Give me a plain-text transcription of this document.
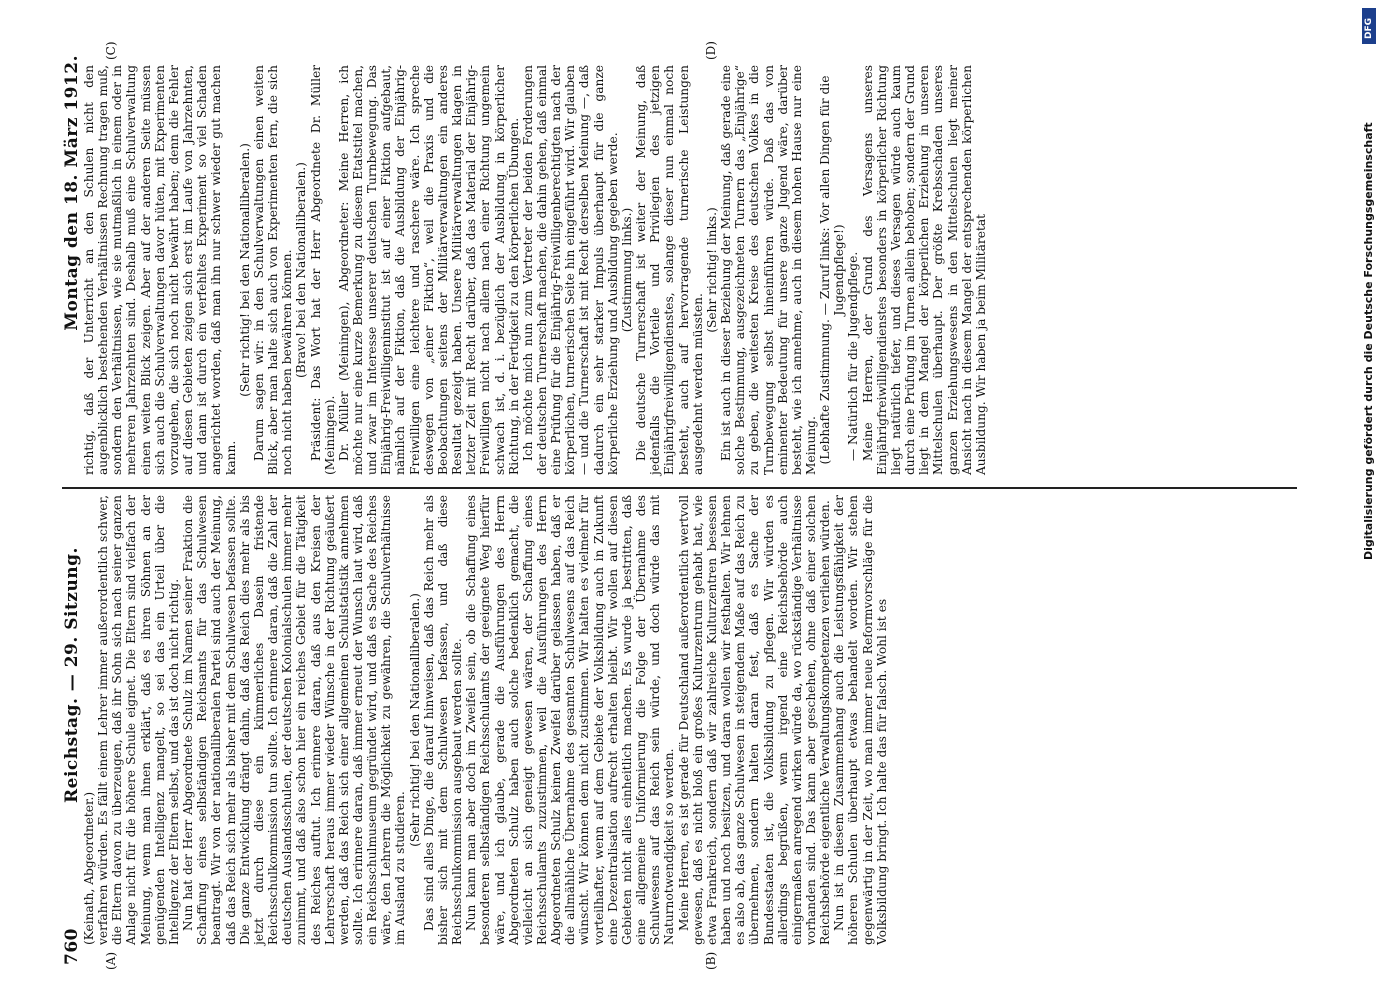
760Reichstag. — 29. Sitzung.Montag den 18. März 1912.
(A)	(B)
(C)	(D)

(Keinath, Abgeordneter.) verfahren würden. Es fällt einem Lehrer immer außerordentlich schwer, die Eltern davon zu überzeugen, daß ihr Sohn sich nach seiner ganzen Anlage nicht für die höhere Schule eignet. Die Eltern sind vielfach der Meinung, wenn man ihnen erklärt, daß es ihren Söhnen an der genügenden Intelligenz mangelt, so sei das ein Urteil über die Intelligenz der Eltern selbst, und das ist doch nicht richtig. Nun hat der Herr Abgeordnete Schulz im Namen seiner Fraktion die Schaffung eines selbständigen Reichsamts für das Schulwesen beantragt. Wir von der nationalliberalen Partei sind auch der Meinung, daß das Reich sich mehr als bisher mit dem Schulwesen befassen sollte. Die ganze Entwicklung drängt dahin, daß das Reich dies mehr als bis jetzt durch diese ein kümmerliches Dasein fristende Reichsschulkommission tun sollte. Ich erinnere daran, daß die Zahl der deutschen Auslandsschulen, der deutschen Kolonialschulen immer mehr zunimmt, und daß also schon hier ein reiches Gebiet für die Tätigkeit des Reiches auftut. Ich erinnere daran, daß aus den Kreisen der Lehrerschaft heraus immer wieder Wünsche in der Richtung geäußert werden, daß das Reich sich einer allgemeinen Schulstatistik annehmen sollte. Ich erinnere daran, daß immer erneut der Wunsch laut wird, daß ein Reichsschulmuseum gegründet wird, und daß es Sache des Reiches wäre, den Lehrern die Möglichkeit zu gewähren, die Schulverhältnisse im Ausland zu studieren.

(Sehr richtig! bei den Nationalliberalen.) Das sind alles Dinge, die darauf hinweisen, daß das Reich mehr als bisher sich mit dem Schulwesen befassen, und daß diese Reichsschulkommission ausgebaut werden sollte. Nun kann man aber doch im Zweifel sein, ob die Schaffung eines besonderen selbständigen Reichsschulamts der geeignete Weg hierfür wäre, und ich glaube, gerade die Ausführungen des Herrn Abgeordneten Schulz haben auch solche bedenklich gemacht, die vielleicht an sich geneigt gewesen wären, der Schaffung eines Reichsschulamts zuzustimmen, weil die Ausführungen des Herrn Abgeordneten Schulz keinen Zweifel darüber gelassen haben, daß er die allmähliche Übernahme des gesamten Schulwesens auf das Reich wünscht. Wir können dem nicht zustimmen. Wir halten es vielmehr für vorteilhafter, wenn auf dem Gebiete der Volksbildung auch in Zukunft eine Dezentralisation aufrecht erhalten bleibt. Wir wollen auf diesen Gebieten nicht alles einheitlich machen. Es wurde ja bestritten, daß eine allgemeine Uniformierung die Folge der Übernahme des Schulwesens auf das Reich sein würde, und doch würde das mit Naturnotwendigkeit so werden. Meine Herren, es ist gerade für Deutschland außerordentlich wertvoll gewesen, daß es nicht bloß ein großes Kulturzentrum gehabt hat, wie etwa Frankreich, sondern daß wir zahlreiche Kulturzentren besessen haben und noch besitzen, und daran wollen wir festhalten. Wir lehnen es also ab, das ganze Schulwesen in steigendem Maße auf das Reich zu übernehmen, sondern halten daran fest, daß es Sache der Bundesstaaten ist, die Volksbildung zu pflegen. Wir würden es allerdings begrüßen, wenn irgend eine Reichsbehörde auch einigermaßen anregend wirken würde da, wo rückständige Verhältnisse vorhanden sind. Das kann aber geschehen, ohne daß einer solchen Reichsbehörde eigentliche Verwaltungskompetenzen verliehen würden. Nun ist in diesem Zusammenhang auch die Leistungsfähigkeit der höheren Schulen überhaupt etwas behandelt worden. Wir stehen gegenwärtig in der Zeit, wo man immer neue Reformvorschläge für die Volksbildung bringt. Ich halte das für falsch. Wohl ist es

richtig, daß der Unterricht an den Schulen nicht den augenblicklich bestehenden Verhältnissen Rechnung tragen muß, sondern den Verhältnissen, wie sie mutmaßlich in einem oder in mehreren Jahrzehnten sind. Deshalb muß eine Schulverwaltung einen weiten Blick zeigen. Aber auf der anderen Seite müssen sich auch die Schulverwaltungen davor hüten, mit Experimenten vorzugehen, die sich noch nicht bewährt haben; denn die Fehler auf diesen Gebieten zeigen sich erst im Laufe von Jahrzehnten, und dann ist durch ein verfehltes Experiment so viel Schaden angerichtet worden, daß man ihn nur schwer wieder gut machen kann.

(Sehr richtig! bei den Nationalliberalen.) Darum sagen wir: in den Schulverwaltungen einen weiten Blick, aber man halte sich auch von Experimenten fern, die sich noch nicht haben bewähren können. (Bravo! bei den Nationalliberalen.) Präsident: Das Wort hat der Herr Abgeordnete Dr. Müller (Meiningen). Dr. Müller (Meiningen), Abgeordneter: Meine Herren, ich möchte nur eine kurze Bemerkung zu diesem Etatstitel machen, und zwar im Interesse unserer deutschen Turnbewegung. Das Einjährig-Freiwilligeninstitut ist auf einer Fiktion aufgebaut, nämlich auf der Fiktion, daß die Ausbildung der Einjährig-Freiwilligen eine leichtere und raschere wäre. Ich spreche deswegen von „einer Fiktion“, weil die Praxis und die Beobachtungen seitens der Militärverwaltungen ein anderes Resultat gezeigt haben. Unsere Militärverwaltungen klagen in letzter Zeit mit Recht darüber, daß das Material der Einjährig-Freiwilligen nicht nach allem nach einer Richtung ungemein schwach ist, d. i. bezüglich der Ausbildung in körperlicher Richtung, in der Fertigkeit zu den körperlichen Übungen. Ich möchte mich nun zum Vertreter der beiden Forderungen der deutschen Turnerschaft machen, die dahin gehen, daß einmal eine Prüfung für die Einjährig-Freiwilligenberechtigten nach der körperlichen, turnerischen Seite hin eingeführt wird. Wir glauben — und die Turnerschaft ist mit Recht derselben Meinung —, daß dadurch ein sehr starker Impuls überhaupt für die ganze körperliche Erziehung und Ausbildung gegeben werde. (Zustimmung links.) Die deutsche Turnerschaft ist weiter der Meinung, daß jedenfalls die Vorteile und Privilegien des jetzigen Einjährigfreiwilligendienstes, solange dieser nun einmal noch besteht, auch auf hervorragende turnerische Leistungen ausgedehnt werden müssten.

(Sehr richtig! links.) Ein ist auch in dieser Beziehung der Meinung, daß gerade eine solche Bestimmung, ausgezeichneten Turnern das „Einjährige“ zu geben, die weitesten Kreise des deutschen Volkes in die Turnbewegung selbst hineinführen würde. Daß das von eminenter Bedeutung für unsere ganze Jugend wäre, darüber besteht, wie ich annehme, auch in diesem hohen Hause nur eine Meinung. (Lebhafte Zustimmung. — Zuruf links: Vor allen Dingen für die Jugendpflege!) — Natürlich für die Jugendpflege. Meine Herren, der Grund des Versagens unseres Einjährigfreiwilligendienstes besonders in körperlicher Richtung liegt natürlich tiefer, und dieses Versagen würde auch kaum durch eine Prüfung im Turnen allein behoben; sondern der Grund liegt in dem Mangel der körperlichen Erziehung in unseren Mittelschulen überhaupt. Der größte Krebsschaden unseres ganzen Erziehungswesens in den Mittelschulen liegt meiner Ansicht nach in diesem Mangel der entsprechenden körperlichen Ausbildung. Wir haben ja beim Militäretat	Digitalisierung gefördert durch die Deutsche Forschungsgemeinschaft
DFG
